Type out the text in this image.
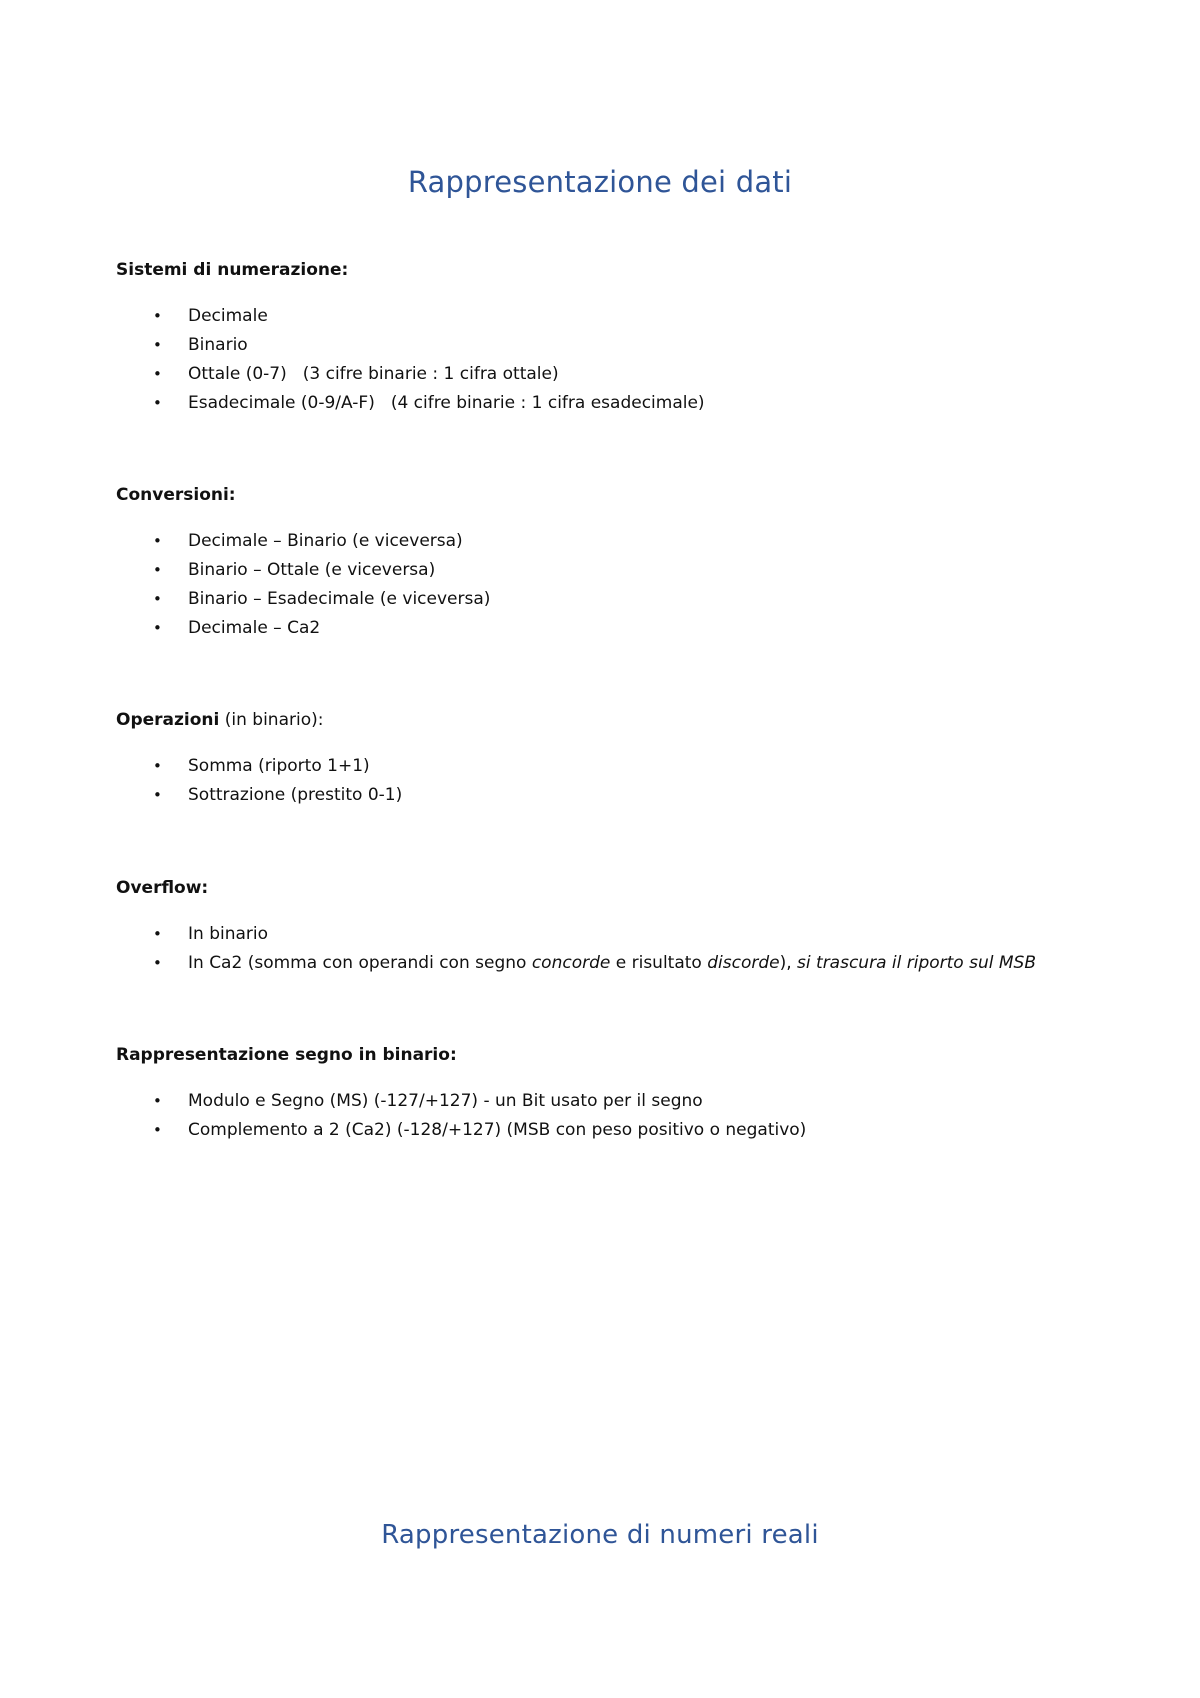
Rappresentazione dei dati

Sistemi di numerazione:

• Decimale
• Binario
• Ottale (0-7) (3 cifre binarie : 1 cifra ottale)
• Esadecimale (0-9/A-F) (4 cifre binarie : 1 cifra esadecimale)

Conversioni:

• Decimale – Binario (e viceversa)
• Binario – Ottale (e viceversa)
• Binario – Esadecimale (e viceversa)
• Decimale – Ca2

Operazioni (in binario):

• Somma (riporto 1+1)
• Sottrazione (prestito 0-1)

Overflow:

• In binario
• In Ca2 (somma con operandi con segno concorde e risultato discorde), si trascura il riporto sul MSB

Rappresentazione segno in binario:

• Modulo e Segno (MS) (-127/+127) - un Bit usato per il segno
• Complemento a 2 (Ca2) (-128/+127) (MSB con peso positivo o negativo)
Rappresentazione di numeri reali
